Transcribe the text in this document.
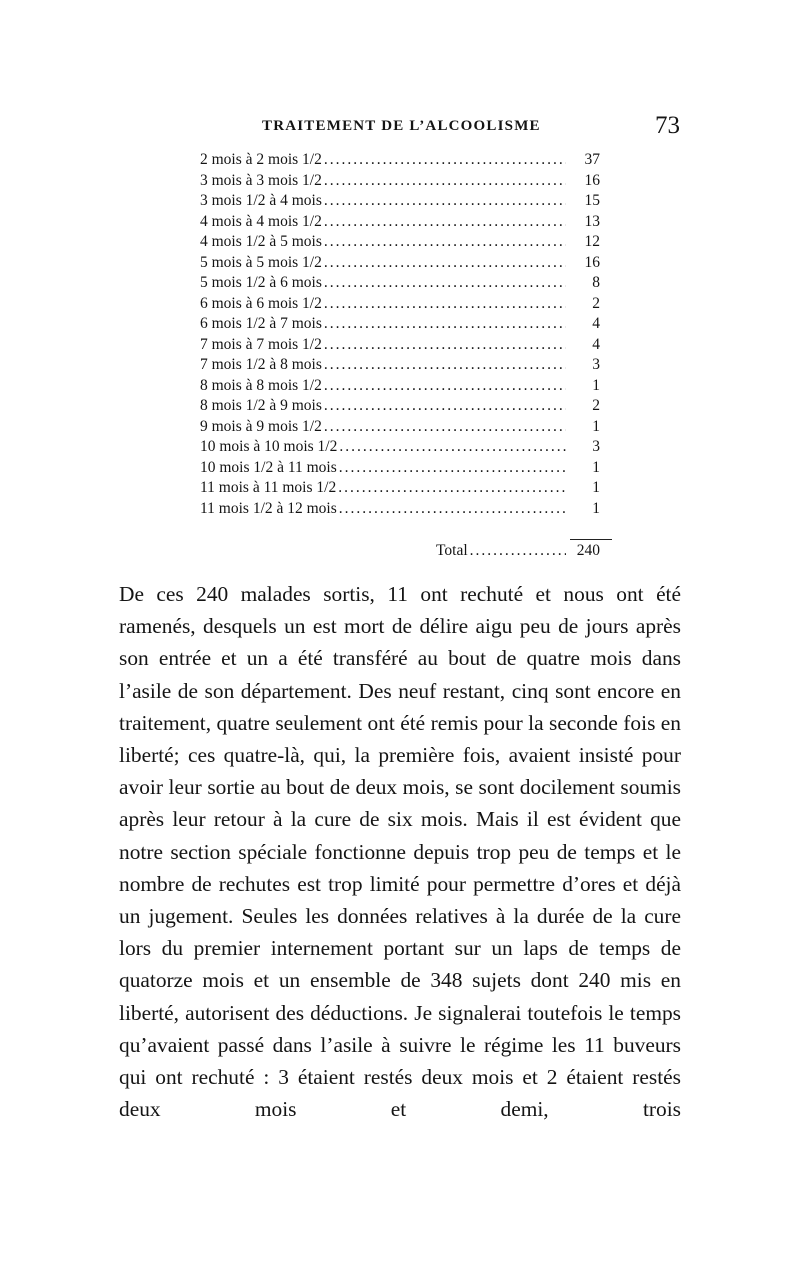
TRAITEMENT DE L’ALCOOLISME	73
2 mois à 2 mois 1/2 .....	37
3 mois à 3 mois 1/2 .....	16
3 mois 1/2 à 4 mois .....	15
4 mois à 4 mois 1/2 .....	13
4 mois 1/2 à 5 mois .....	12
5 mois à 5 mois 1/2 .....	16
5 mois 1/2 à 6 mois .....	8
6 mois à 6 mois 1/2 .....	2
6 mois 1/2 à 7 mois .....	4
7 mois à 7 mois 1/2 .....	4
7 mois 1/2 à 8 mois .....	3
8 mois à 8 mois 1/2 .....	1
8 mois 1/2 à 9 mois .....	2
9 mois à 9 mois 1/2 .....	1
10 mois à 10 mois 1/2 .....	3
10 mois 1/2 à 11 mois .....	1
11 mois à 11 mois 1/2 .....	1
11 mois 1/2 à 12 mois .....	1
Total .....	240

De ces 240 malades sortis, 11 ont rechuté et nous ont été ramenés, desquels un est mort de délire aigu peu de jours après son entrée et un a été transféré au bout de quatre mois dans l’asile de son département. Des neuf restant, cinq sont encore en traitement, quatre seulement ont été remis pour la seconde fois en liberté; ces quatre-là, qui, la première fois, avaient insisté pour avoir leur sortie au bout de deux mois, se sont docilement soumis après leur retour à la cure de six mois. Mais il est évident que notre section spéciale fonctionne depuis trop peu de temps et le nombre de rechutes est trop limité pour permettre d’ores et déjà un jugement. Seules les données relatives à la durée de la cure lors du premier internement portant sur un laps de temps de quatorze mois et un ensemble de 348 sujets dont 240 mis en liberté, autorisent des déductions. Je signalerai toutefois le temps qu’avaient passé dans l’asile à suivre le régime les 11 buveurs qui ont rechuté : 3 étaient restés deux mois et 2 étaient restés deux mois et demi, trois
